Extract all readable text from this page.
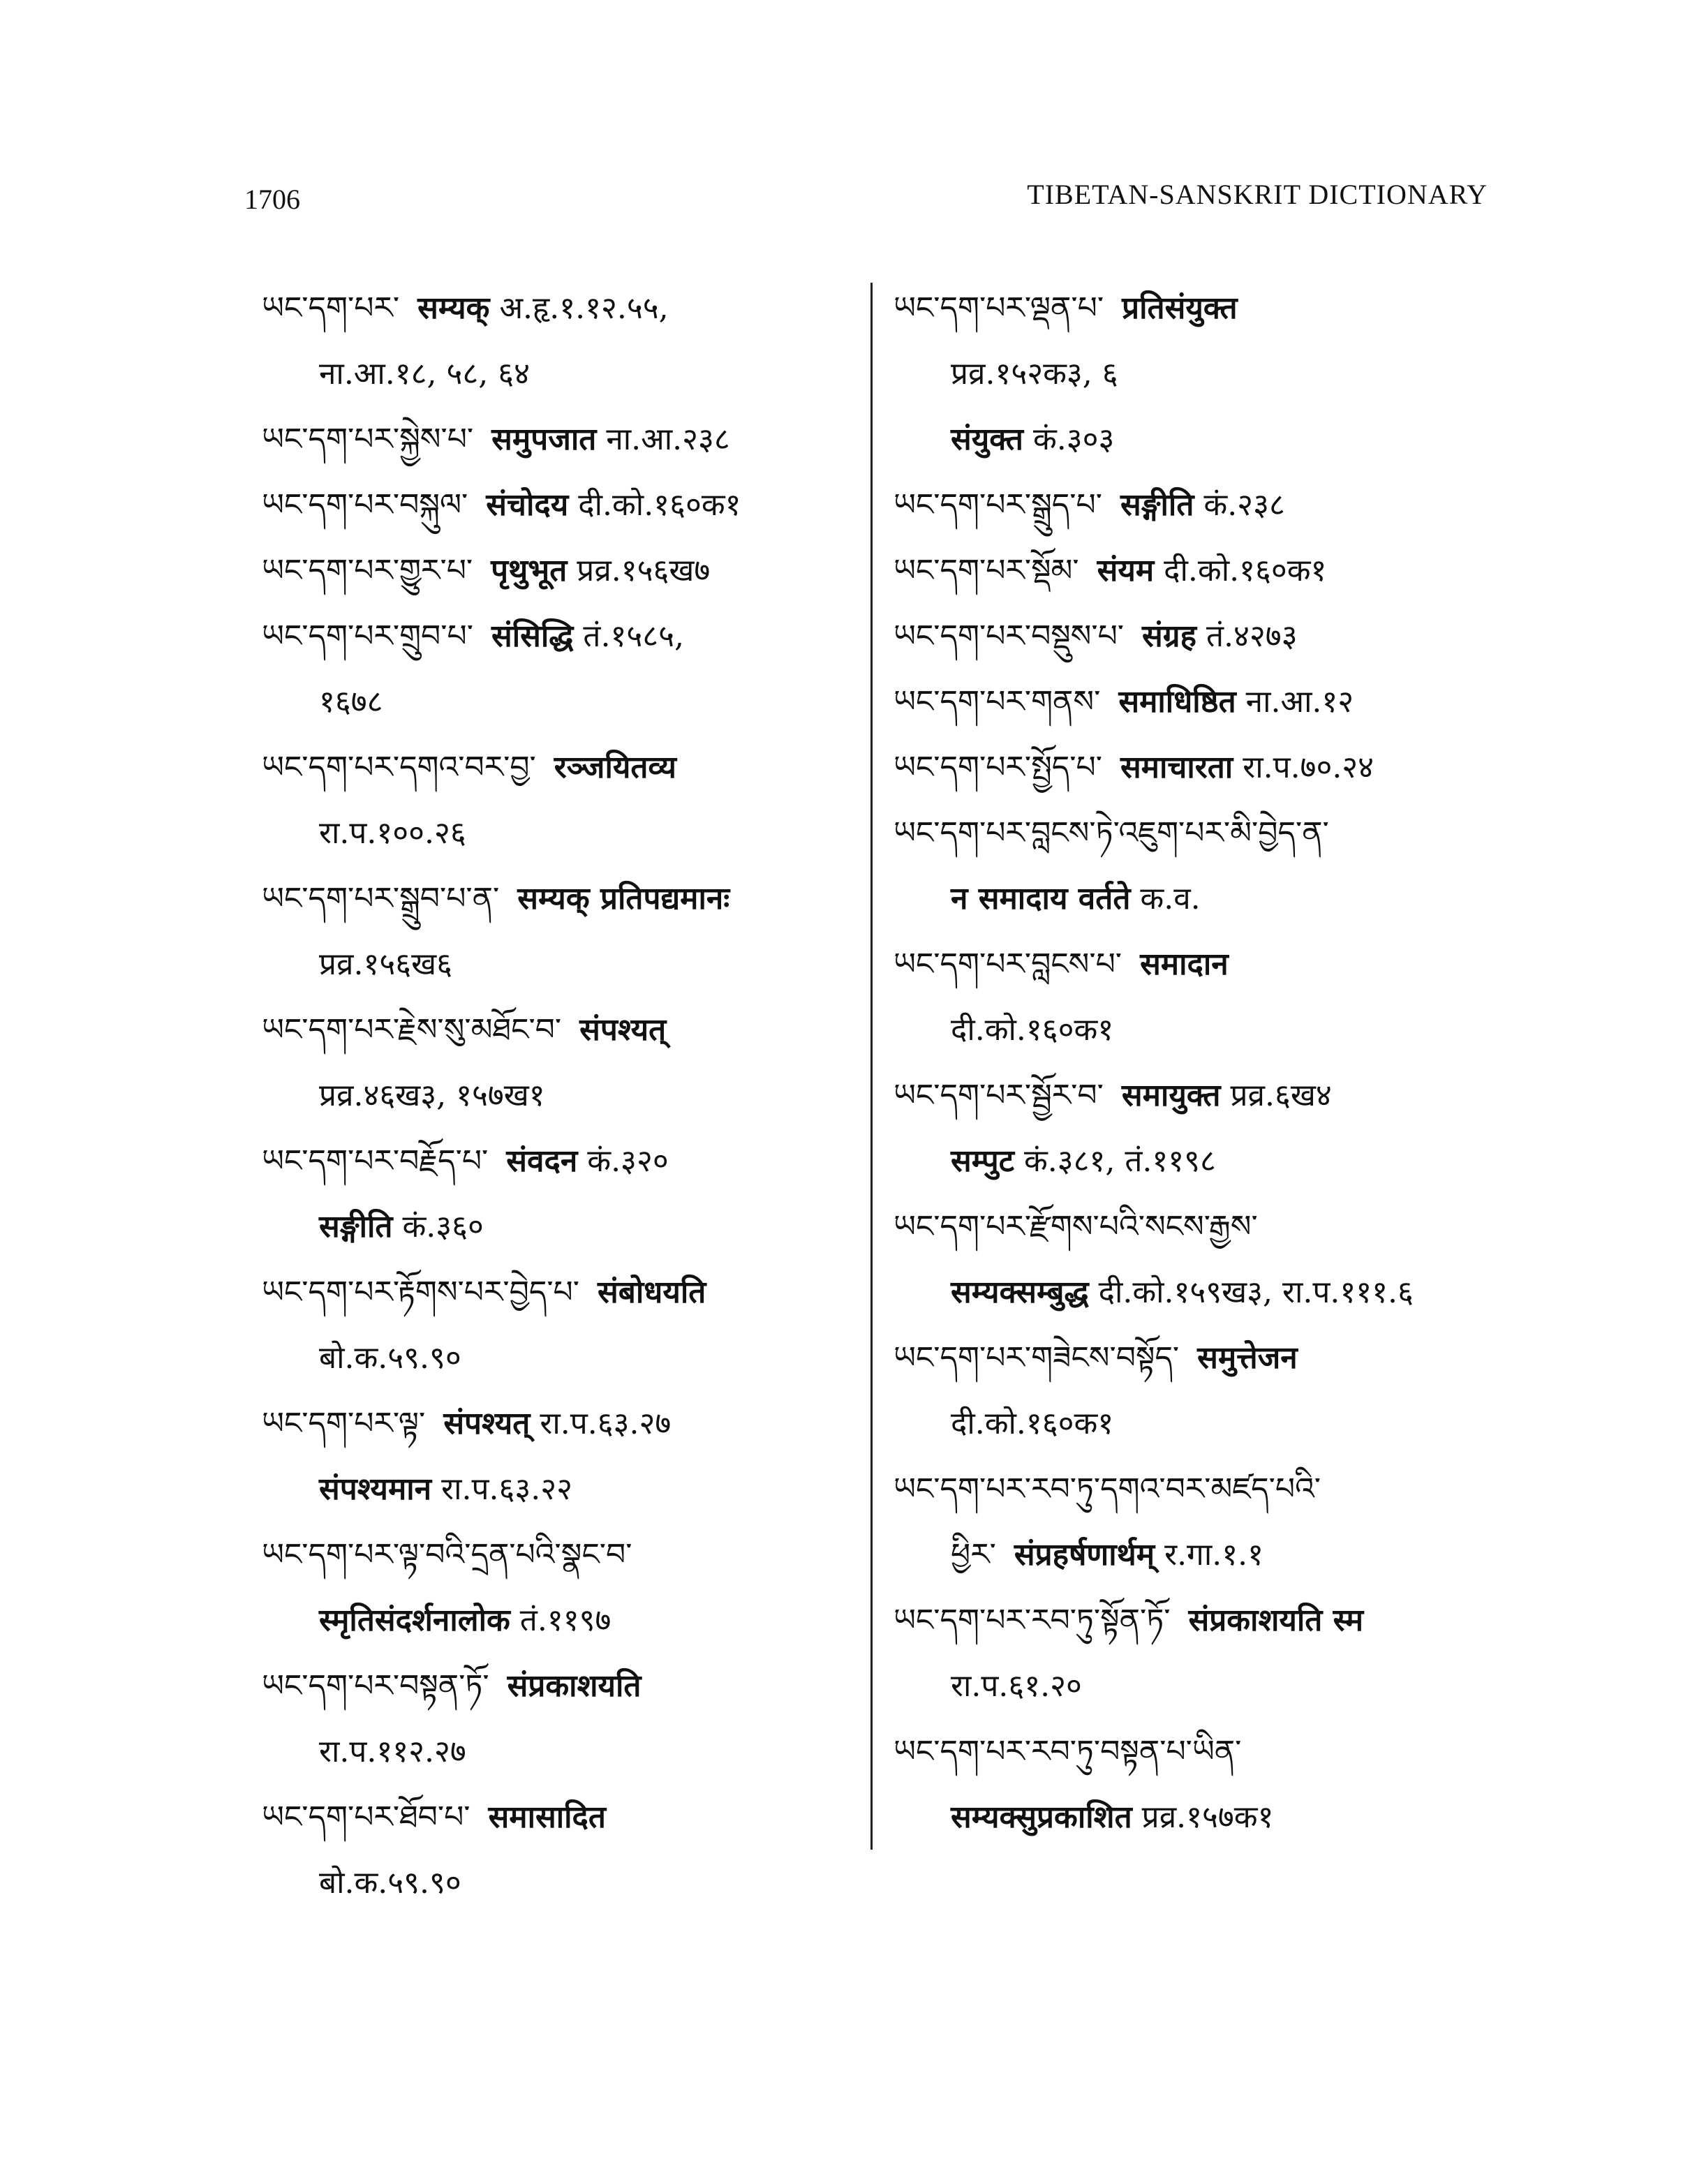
1706	TIBETAN-SANSKRIT DICTIONARY
ཡང་དག་པར་ सम्यक् अ.हृ.१.१२.५५,
ना.आ.१८, ५८, ६४
ཡང་དག་པར་སྐྱེས་པ་ समुपजात ना.आ.२३८
ཡང་དག་པར་བསྐུལ་ संचोदय दी.को.१६०क१
ཡང་དག་པར་གྱུར་པ་ पृथुभूत प्रव्र.१५६ख७
ཡང་དག་པར་གྲུབ་པ་ संसिद्धि तं.१५८५,
१६७८
ཡང་དག་པར་དགའ་བར་བྱ་ रञ्जयितव्य
रा.प.१००.२६
ཡང་དག་པར་སྒྲུབ་པ་ན་ सम्यक् प्रतिपद्यमानः
प्रव्र.१५६ख६
ཡང་དག་པར་རྗེས་སུ་མཐོང་བ་ संपश्यत्
प्रव्र.४६ख३, १५७ख१
ཡང་དག་པར་བརྗོད་པ་ संवदन कं.३२०
सङ्गीति कं.३६०
ཡང་དག་པར་རྟོགས་པར་བྱེད་པ་ संबोधयति
बो.क.५९.९०
ཡང་དག་པར་ལྟ་ संपश्यत् रा.प.६३.२७
संपश्यमान रा.प.६३.२२
ཡང་དག་པར་ལྟ་བའི་དྲན་པའི་སྣང་བ་
स्मृतिसंदर्शनालोक तं.११९७
ཡང་དག་པར་བསྟན་ཏོ་ संप्रकाशयति
रा.प.११२.२७
ཡང་དག་པར་ཐོབ་པ་ समासादित
बो.क.५९.९०
ཡང་དག་པར་ལྡན་པ་ प्रतिसंयुक्त
प्रव्र.१५२क३, ६
संयुक्त कं.३०३
ཡང་དག་པར་སྒྲུད་པ་ सङ्गीति कं.२३८
ཡང་དག་པར་སྡོམ་ संयम दी.को.१६०क१
ཡང་དག་པར་བསྡུས་པ་ संग्रह तं.४२७३
ཡང་དག་པར་གནས་ समाधिष्ठित ना.आ.१२
ཡང་དག་པར་སྤྱོད་པ་ समाचारता रा.प.७०.२४
ཡང་དག་པར་བླངས་ཏེ་འཇུག་པར་མི་བྱེད་ན་
न समादाय वर्तते क.व.
ཡང་དག་པར་བླངས་པ་ समादान
दी.को.१६०क१
ཡང་དག་པར་སྦྱོར་བ་ समायुक्त प्रव्र.६ख४
सम्पुट कं.३८१, तं.११९८
ཡང་དག་པར་རྫོགས་པའི་སངས་རྒྱས་
सम्यक्सम्बुद्ध दी.को.१५९ख३, रा.प.१११.६
ཡང་དག་པར་གཟེངས་བསྟོད་ समुत्तेजन
दी.को.१६०क१
ཡང་དག་པར་རབ་ཏུ་དགའ་བར་མཛད་པའི་
ཕྱིར་ संप्रहर्षणार्थम् र.गा.१.१
ཡང་དག་པར་རབ་ཏུ་སྟོན་ཏོ་ संप्रकाशयति स्म
रा.प.६१.२०
ཡང་དག་པར་རབ་ཏུ་བསྟན་པ་ཡིན་
सम्यक्सुप्रकाशित प्रव्र.१५७क१
